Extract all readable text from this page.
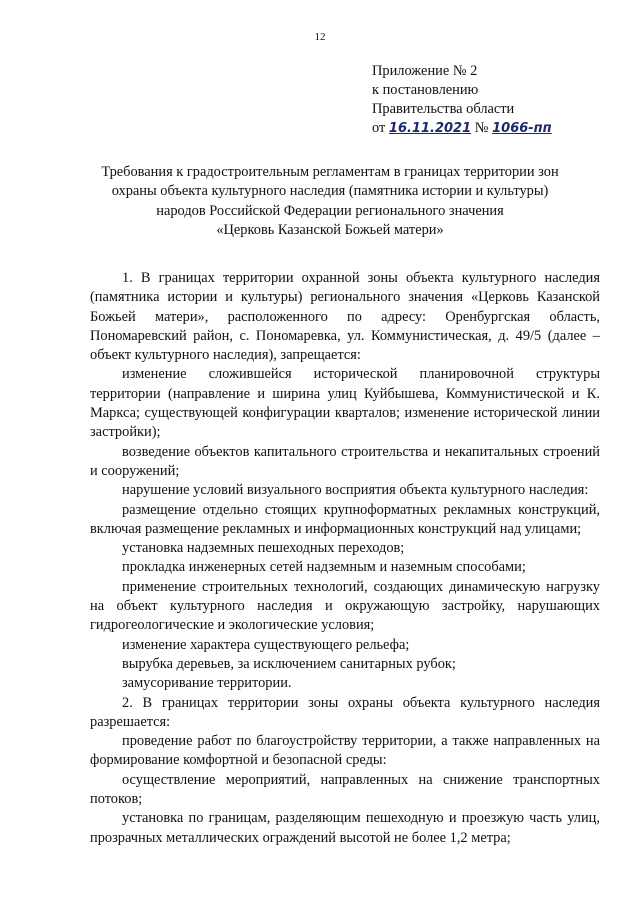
12
Приложение № 2
к постановлению
Правительства области
от 16.11.2021 № 1066-пп
Требования к градостроительным регламентам в границах территории зон
охраны объекта культурного наследия (памятника истории и культуры)
народов Российской Федерации регионального значения
«Церковь Казанской Божьей матери»

1. В границах территории охранной зоны объекта культурного наследия (памятника истории и культуры) регионального значения «Церковь Казанской Божьей матери», расположенного по адресу: Оренбургская область, Пономаревский район, с. Пономаревка, ул. Коммунистическая, д. 49/5 (далее – объект культурного наследия), запрещается:

изменение сложившейся исторической планировочной структуры территории (направление и ширина улиц Куйбышева, Коммунистической и К. Маркса; существующей конфигурации кварталов; изменение исторической линии застройки);

возведение объектов капитального строительства и некапитальных строений и сооружений;

нарушение условий визуального восприятия объекта культурного наследия:

размещение отдельно стоящих крупноформатных рекламных конструкций, включая размещение рекламных и информационных конструкций над улицами;

установка надземных пешеходных переходов;

прокладка инженерных сетей надземным и наземным способами;

применение строительных технологий, создающих динамическую нагрузку на объект культурного наследия и окружающую застройку, нарушающих гидрогеологические и экологические условия;

изменение характера существующего рельефа;

вырубка деревьев, за исключением санитарных рубок;

замусоривание территории.

2. В границах территории зоны охраны объекта культурного наследия разрешается:

проведение работ по благоустройству территории, а также направленных на формирование комфортной и безопасной среды:

осуществление мероприятий, направленных на снижение транспортных потоков;

установка по границам, разделяющим пешеходную и проезжую часть улиц, прозрачных металлических ограждений высотой не более 1,2 метра;
